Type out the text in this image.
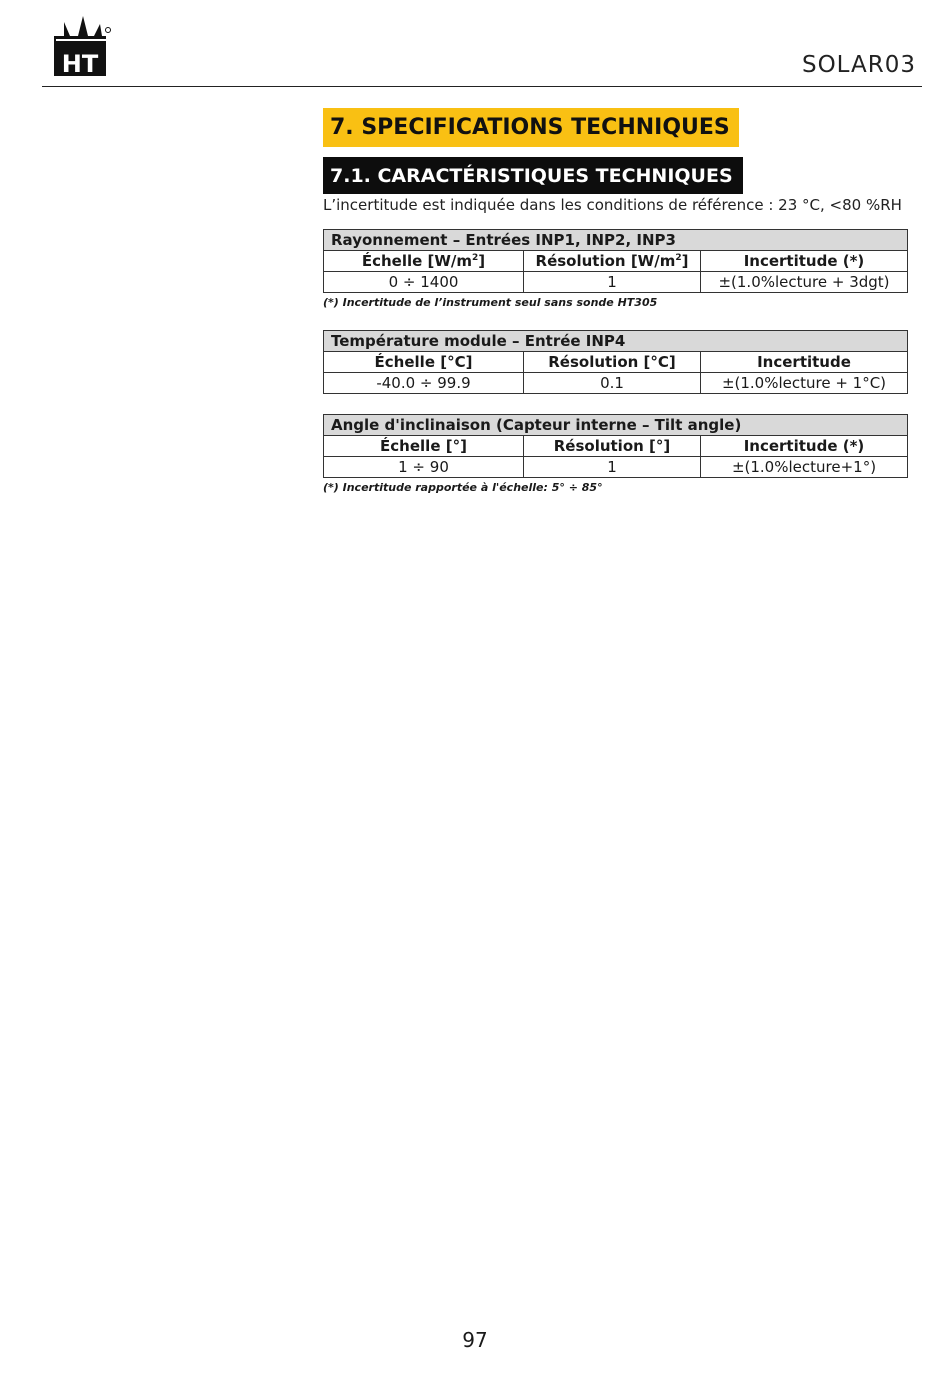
HT	SOLAR03
7. SPECIFICATIONS TECHNIQUES
7.1. CARACTÉRISTIQUES TECHNIQUES
L’incertitude est indiquée dans les conditions de référence : 23 °C, <80 %RH
Rayonnement – Entrées INP1, INP2, INP3		
Échelle $[W/m^2]$	Résolution $[W/m^2]$	Incertitude (*)
0 ÷ 1400	1	±(1.0%lecture + 3dgt)
(*) Incertitude de l’instrument seul sans sonde HT305
Température module – Entrée INP4		
Échelle [°C]	Résolution [°C]	Incertitude
-40.0 ÷ 99.9	0.1	±(1.0%lecture + 1°C)
Angle d'inclinaison (Capteur interne – Tilt angle)		
Échelle [°]	Résolution [°]	Incertitude (*)
1 ÷ 90	1	±(1.0%lecture+1°)
(*) Incertitude rapportée à l'échelle: 5° ÷ 85°
97
